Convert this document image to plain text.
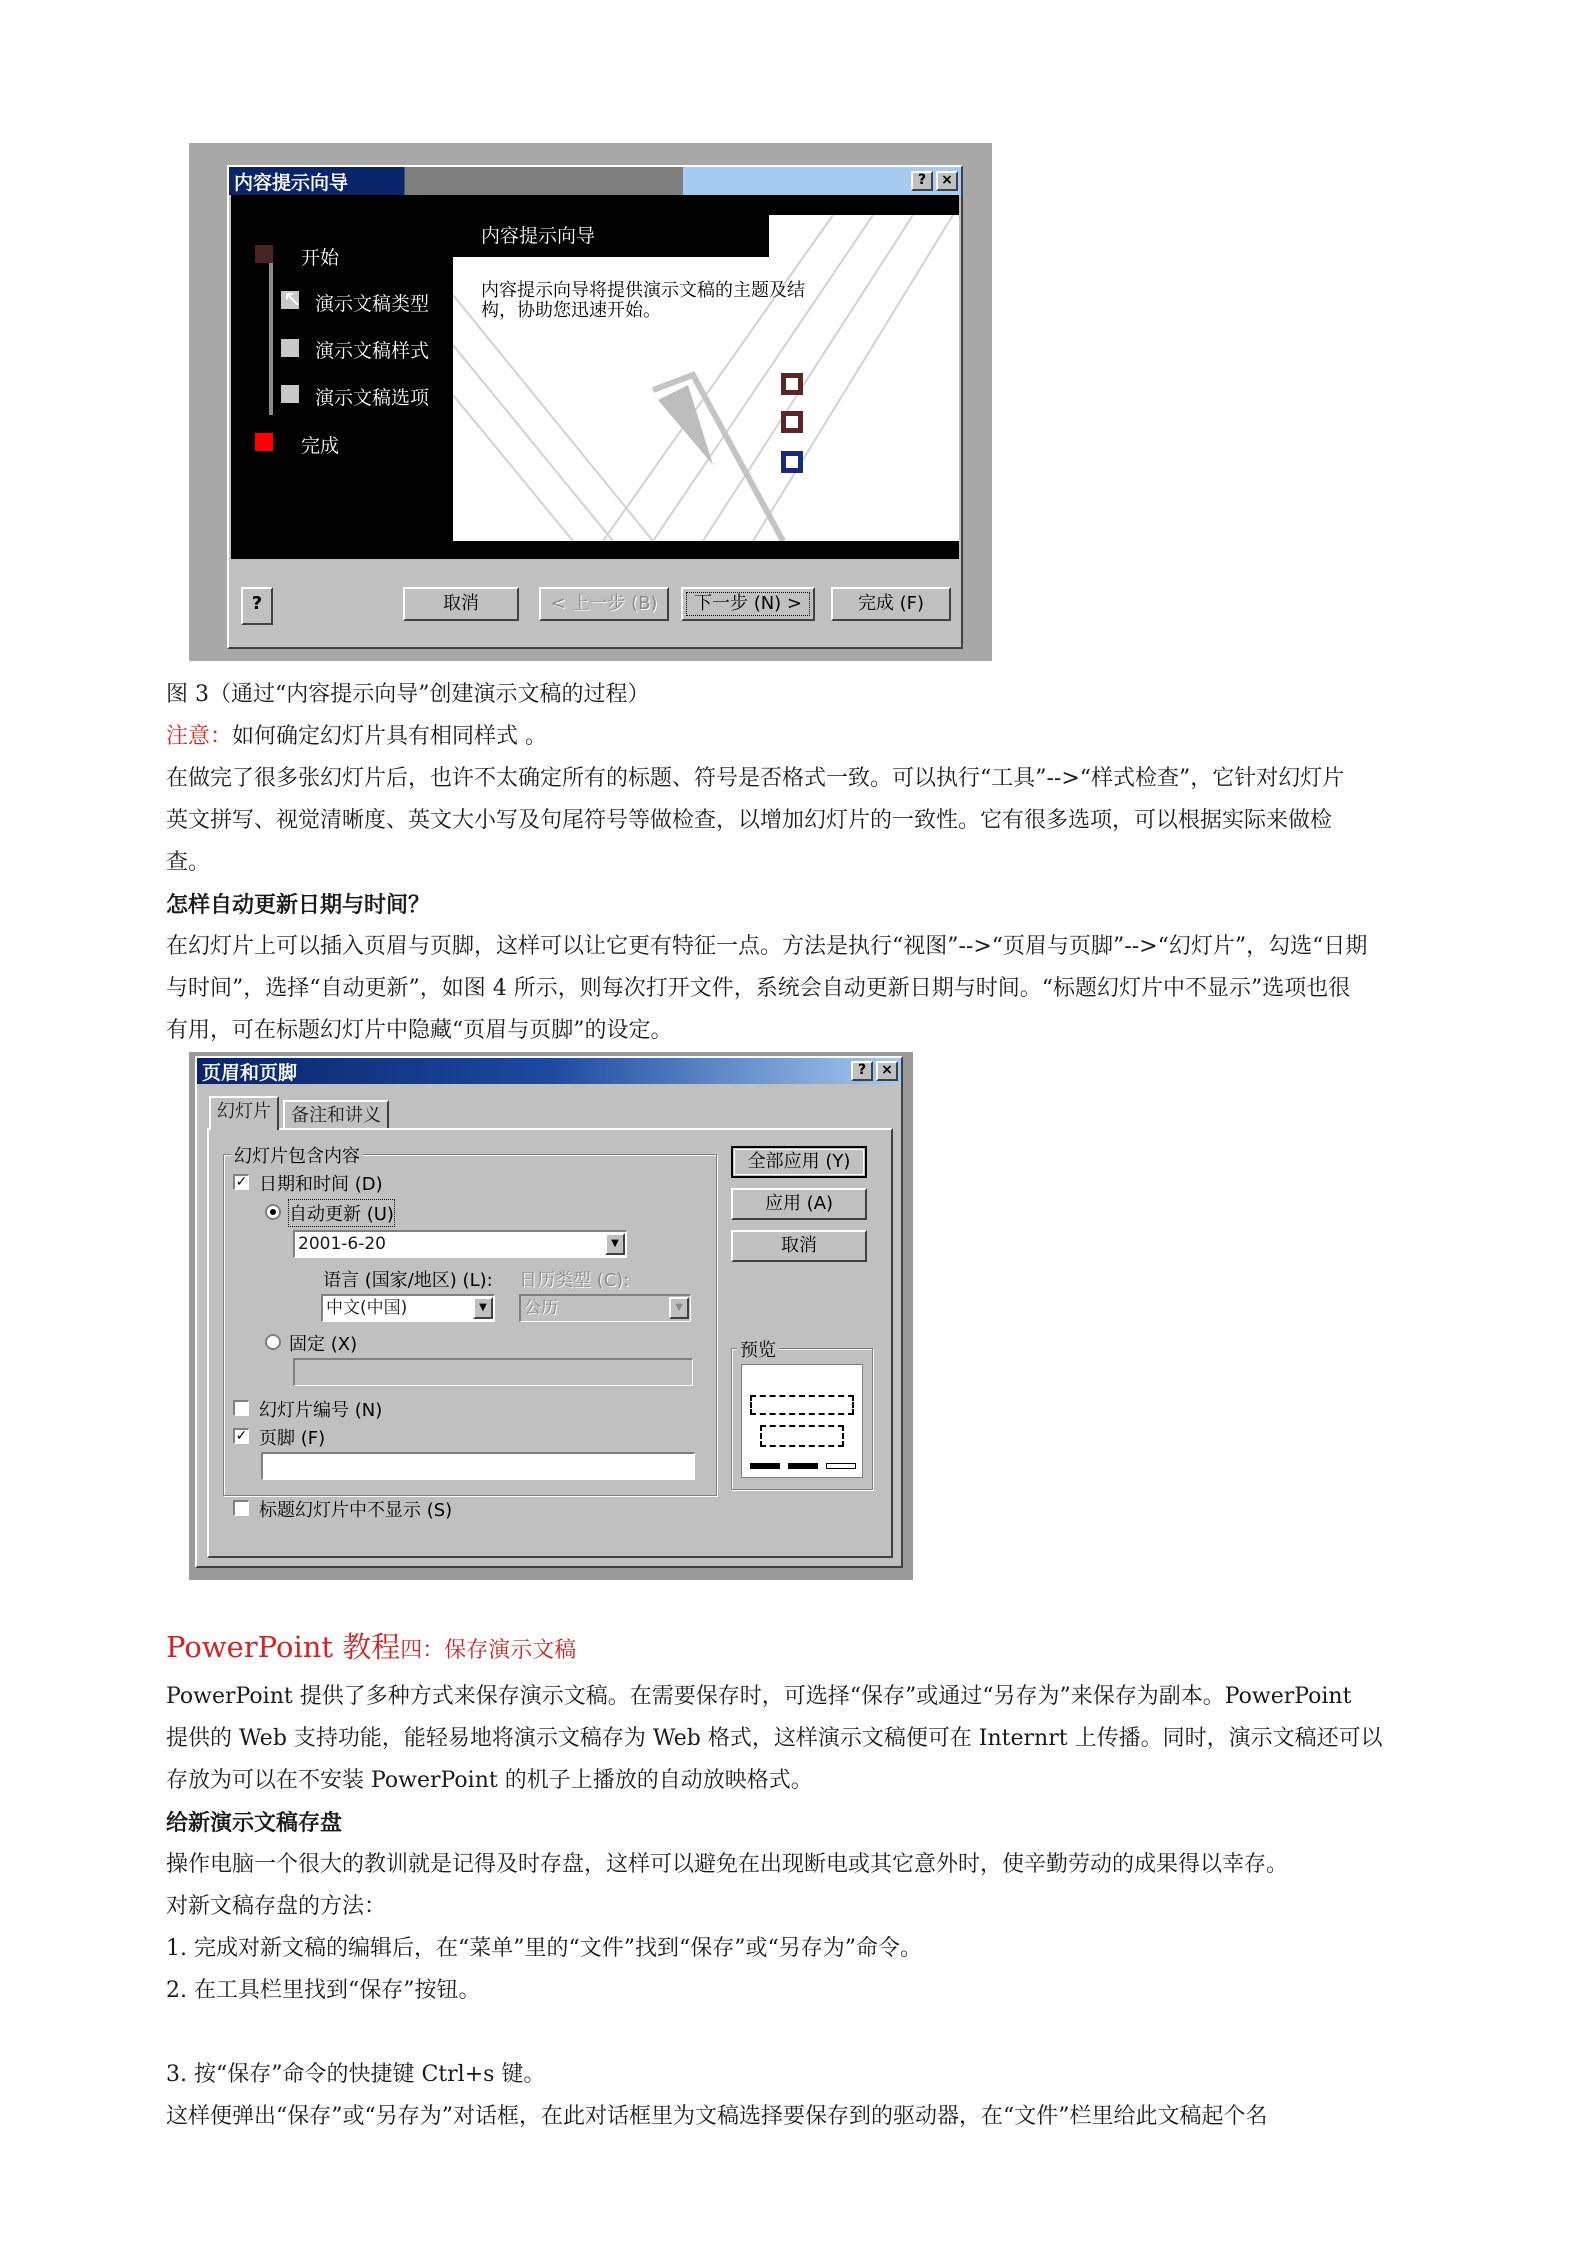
内容提示向导	?	×
开始
↖ 演示文稿类型
演示文稿样式
演示文稿选项
完成
内容提示向导
内容提示向导将提供演示文稿的主题及结
构，协助您迅速开始。
?	取消	< 上一步 (B)	下一步 (N) >	完成 (F)
图 3（通过“内容提示向导”创建演示文稿的过程）
注意：如何确定幻灯片具有相同样式 。
在做完了很多张幻灯片后，也许不太确定所有的标题、符号是否格式一致。可以执行“工具”-->“样式检查”，它针对幻灯片
英文拼写、视觉清晰度、英文大小写及句尾符号等做检查，以增加幻灯片的一致性。它有很多选项，可以根据实际来做检
查。
怎样自动更新日期与时间？
在幻灯片上可以插入页眉与页脚，这样可以让它更有特征一点。方法是执行“视图”-->“页眉与页脚”-->“幻灯片”，勾选“日期
与时间”，选择“自动更新”，如图 4 所示，则每次打开文件，系统会自动更新日期与时间。“标题幻灯片中不显示”选项也很
有用，可在标题幻灯片中隐藏“页眉与页脚”的设定。
页眉和页脚	?	×
幻灯片	备注和讲义
幻灯片包含内容
✓ 日期和时间 (D)
自动更新 (U)
2001-6-20	▼
语言 (国家/地区) (L): 日历类型 (C):
中文(中国)	▼	公历	▼
固定 (X)
幻灯片编号 (N)
✓ 页脚 (F)
标题幻灯片中不显示 (S)
全部应用 (Y)
应用 (A)
取消
预览
PowerPoint 教程四：保存演示文稿
PowerPoint 提供了多种方式来保存演示文稿。在需要保存时，可选择“保存”或通过“另存为”来保存为副本。PowerPoint
提供的 Web 支持功能，能轻易地将演示文稿存为 Web 格式，这样演示文稿便可在 Internrt 上传播。同时，演示文稿还可以
存放为可以在不安装 PowerPoint 的机子上播放的自动放映格式。
给新演示文稿存盘
操作电脑一个很大的教训就是记得及时存盘，这样可以避免在出现断电或其它意外时，使辛勤劳动的成果得以幸存。
对新文稿存盘的方法：
1. 完成对新文稿的编辑后，在“菜单”里的“文件”找到“保存”或“另存为”命令。
2. 在工具栏里找到“保存”按钮。
3. 按“保存”命令的快捷键 Ctrl+s 键。
这样便弹出“保存”或“另存为”对话框，在此对话框里为文稿选择要保存到的驱动器，在“文件”栏里给此文稿起个名
